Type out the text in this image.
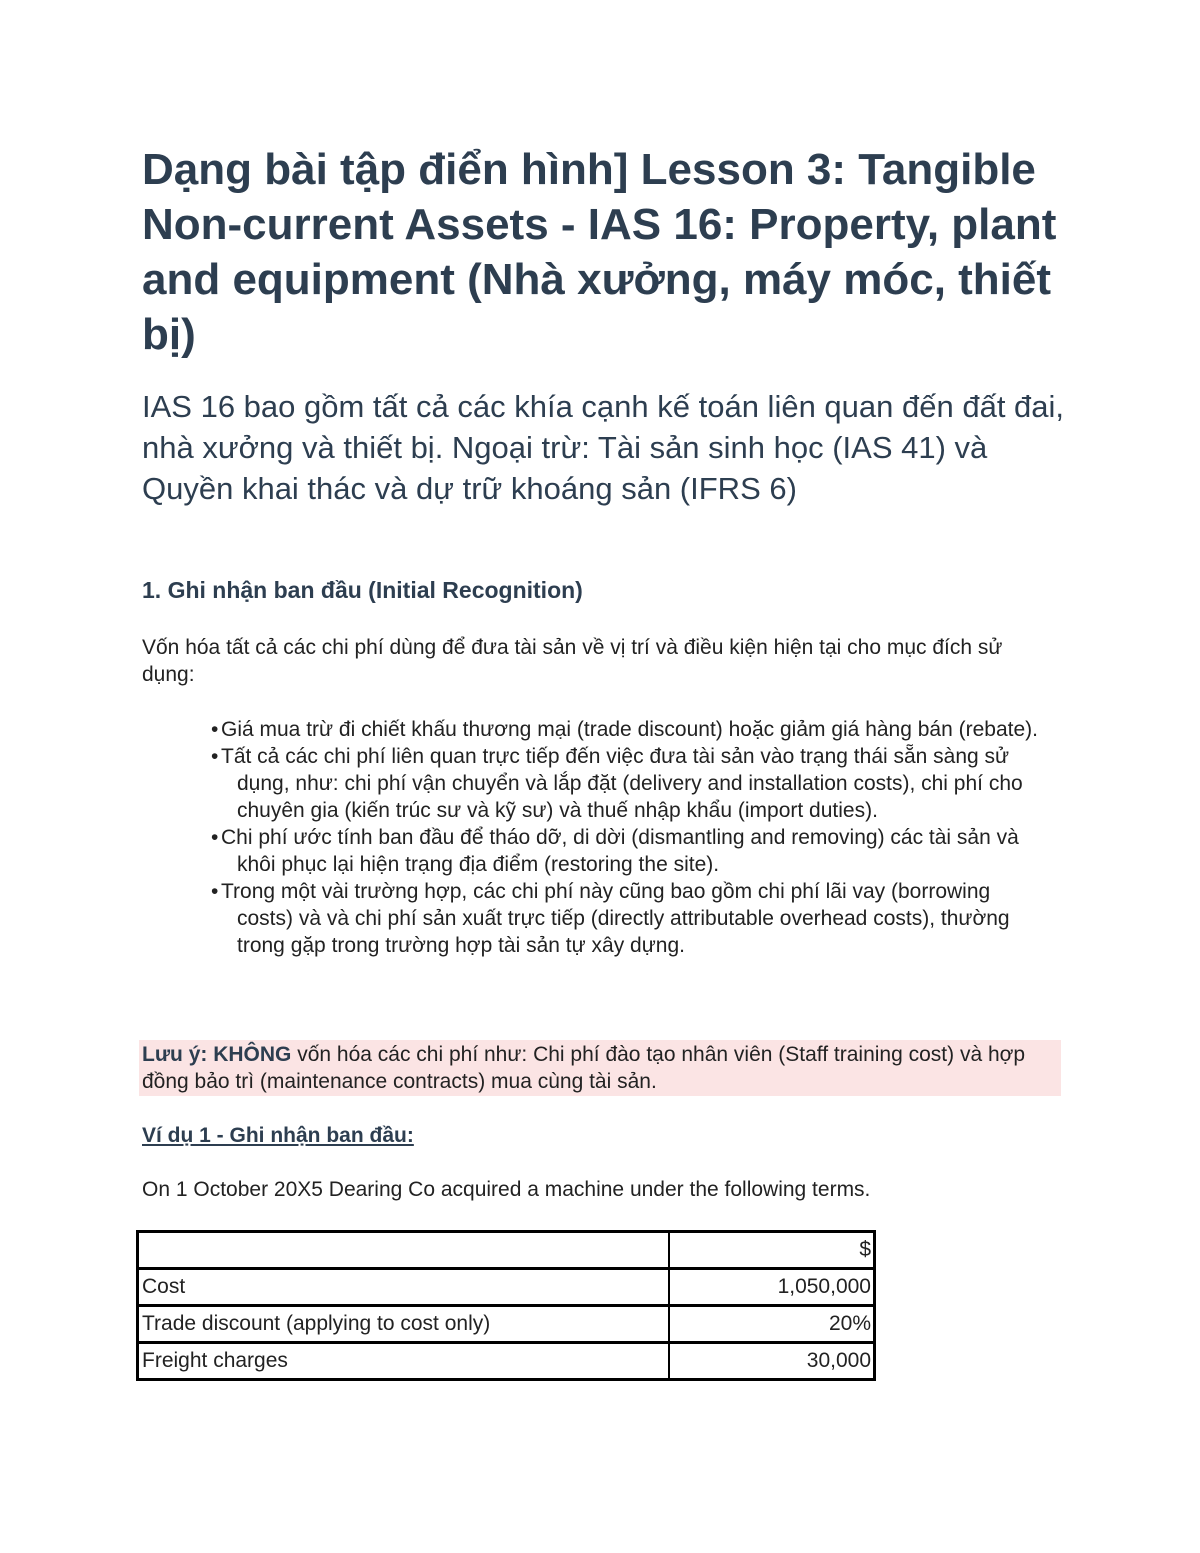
Dạng bài tập điển hình] Lesson 3: Tangible Non-current Assets - IAS 16: Property, plant and equipment (Nhà xưởng, máy móc, thiết bị)
IAS 16 bao gồm tất cả các khía cạnh kế toán liên quan đến đất đai, nhà xưởng và thiết bị. Ngoại trừ: Tài sản sinh học (IAS 41) và Quyền khai thác và dự trữ khoáng sản (IFRS 6)
1. Ghi nhận ban đầu (Initial Recognition)

Vốn hóa tất cả các chi phí dùng để đưa tài sản về vị trí và điều kiện hiện tại cho mục đích sử dụng:

• Giá mua trừ đi chiết khấu thương mại (trade discount) hoặc giảm giá hàng bán (rebate).
• Tất cả các chi phí liên quan trực tiếp đến việc đưa tài sản vào trạng thái sẵn sàng sử dụng, như: chi phí vận chuyển và lắp đặt (delivery and installation costs), chi phí cho chuyên gia (kiến trúc sư và kỹ sư) và thuế nhập khẩu (import duties).
• Chi phí ước tính ban đầu để tháo dỡ, di dời (dismantling and removing) các tài sản và khôi phục lại hiện trạng địa điểm (restoring the site).
• Trong một vài trường hợp, các chi phí này cũng bao gồm chi phí lãi vay (borrowing costs) và và chi phí sản xuất trực tiếp (directly attributable overhead costs), thường trong gặp trong trường hợp tài sản tự xây dựng.

Lưu ý: KHÔNG vốn hóa các chi phí như: Chi phí đào tạo nhân viên (Staff training cost) và hợp đồng bảo trì (maintenance contracts) mua cùng tài sản.

Ví dụ 1 - Ghi nhận ban đầu:

On 1 October 20X5 Dearing Co acquired a machine under the following terms.

	$
Cost	1,050,000
Trade discount (applying to cost only)	20%
Freight charges	30,000
